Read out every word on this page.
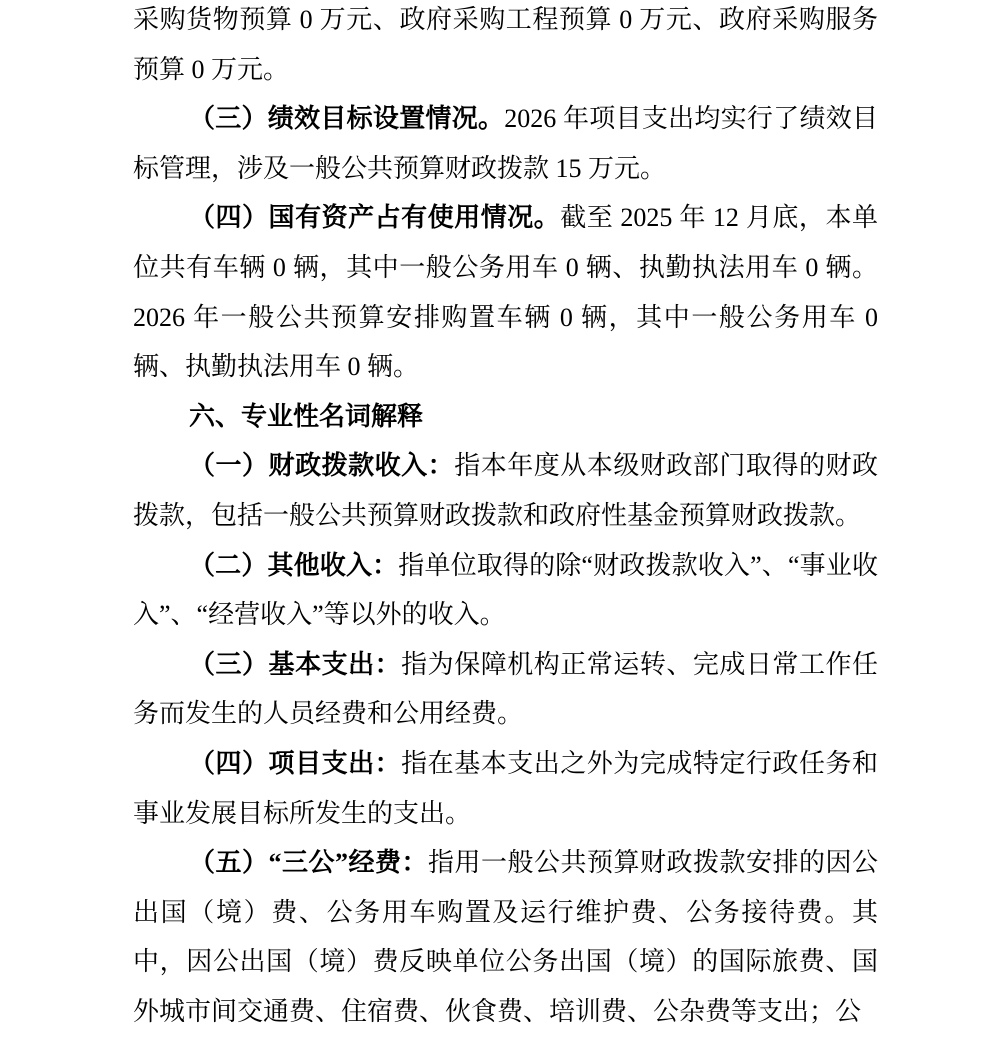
采购货物预算 0 万元、政府采购工程预算 0 万元、政府采购服务预算 0 万元。

（三）绩效目标设置情况。2026 年项目支出均实行了绩效目标管理，涉及一般公共预算财政拨款 15 万元。

（四）国有资产占有使用情况。截至 2025 年 12 月底，本单位共有车辆 0 辆，其中一般公务用车 0 辆、执勤执法用车 0 辆。2026 年一般公共预算安排购置车辆 0 辆，其中一般公务用车 0 辆、执勤执法用车 0 辆。

六、专业性名词解释

（一）财政拨款收入：指本年度从本级财政部门取得的财政拨款，包括一般公共预算财政拨款和政府性基金预算财政拨款。

（二）其他收入：指单位取得的除“财政拨款收入”、“事业收入”、“经营收入”等以外的收入。

（三）基本支出：指为保障机构正常运转、完成日常工作任务而发生的人员经费和公用经费。

（四）项目支出：指在基本支出之外为完成特定行政任务和事业发展目标所发生的支出。

（五）“三公”经费：指用一般公共预算财政拨款安排的因公出国（境）费、公务用车购置及运行维护费、公务接待费。其中，因公出国（境）费反映单位公务出国（境）的国际旅费、国外城市间交通费、住宿费、伙食费、培训费、公杂费等支出；公
